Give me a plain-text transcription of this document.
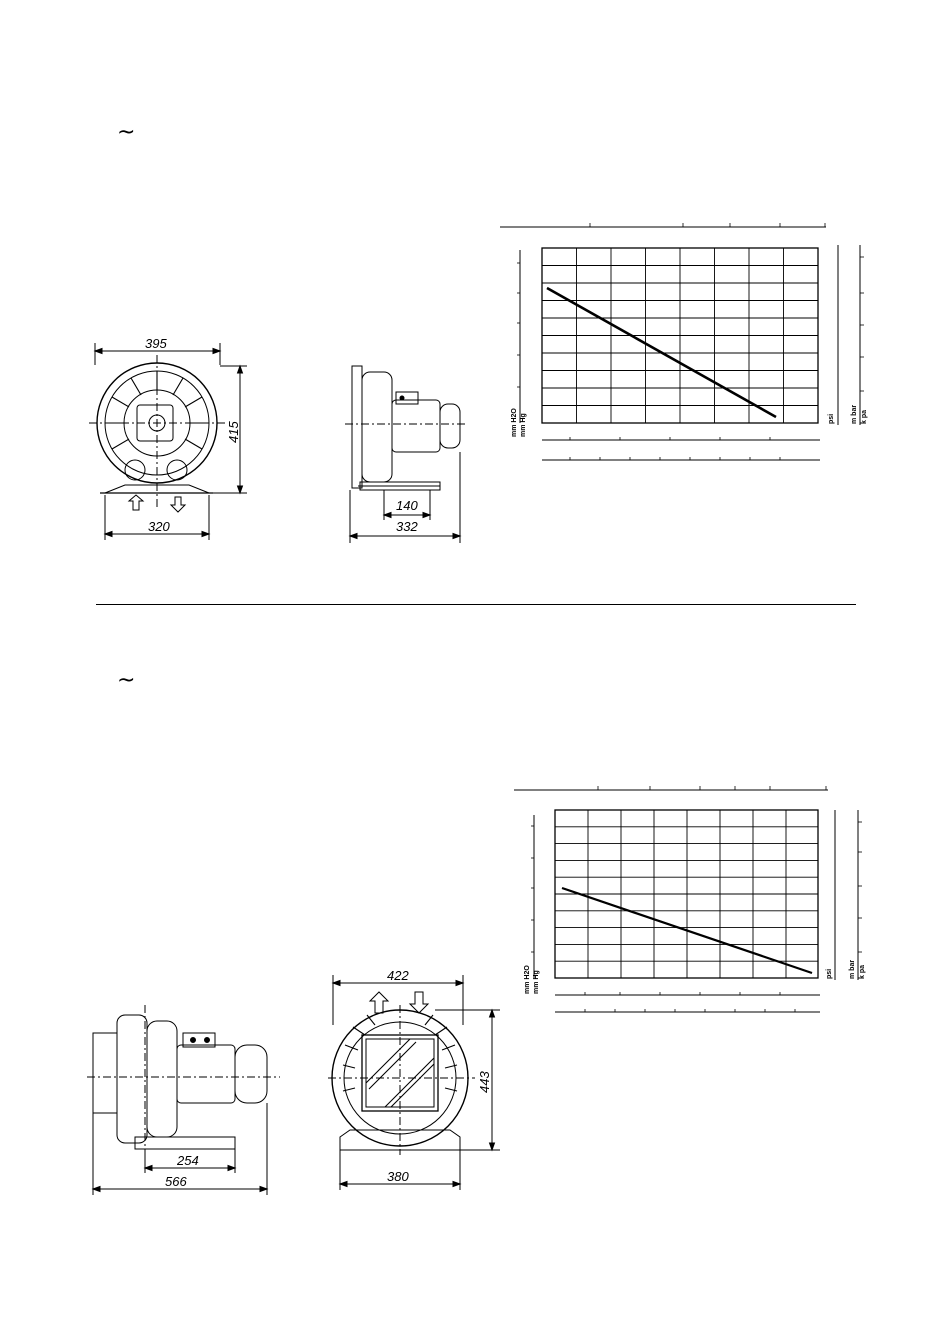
~
395
320
415
140
332
mm H2O mm Hg	psi m bar k pa
~
254
566
422
380
443
mm H2O mm Hg	psi m bar k pa
